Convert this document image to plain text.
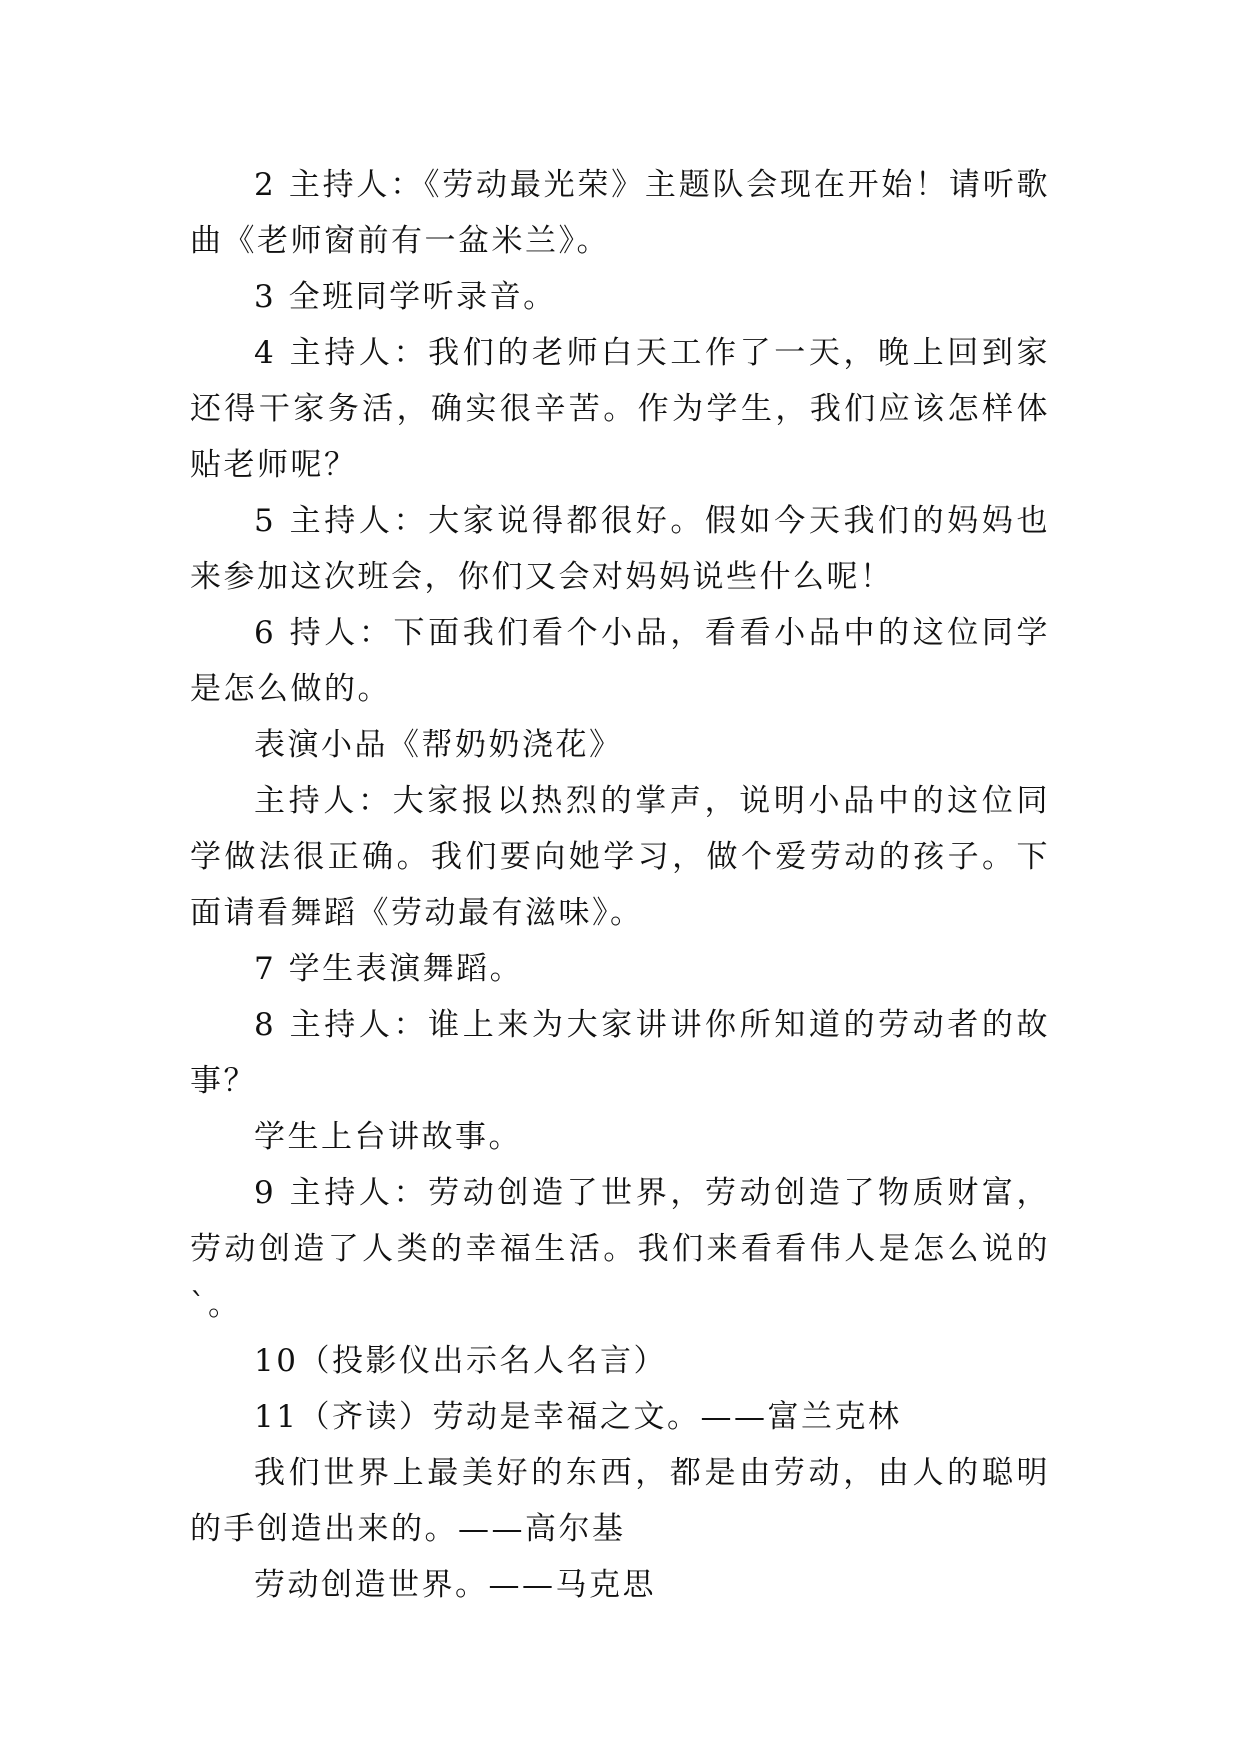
2 主持人：《劳动最光荣》主题队会现在开始！请听歌曲《老师窗前有一盆米兰》。

3 全班同学听录音。

4 主持人：我们的老师白天工作了一天，晚上回到家还得干家务活，确实很辛苦。作为学生，我们应该怎样体贴老师呢？

5 主持人：大家说得都很好。假如今天我们的妈妈也来参加这次班会，你们又会对妈妈说些什么呢！

6 持人：下面我们看个小品，看看小品中的这位同学是怎么做的。

表演小品《帮奶奶浇花》

主持人：大家报以热烈的掌声，说明小品中的这位同学做法很正确。我们要向她学习，做个爱劳动的孩子。下面请看舞蹈《劳动最有滋味》。

7 学生表演舞蹈。

8 主持人：谁上来为大家讲讲你所知道的劳动者的故事？

学生上台讲故事。

9 主持人：劳动创造了世界，劳动创造了物质财富，劳动创造了人类的幸福生活。我们来看看伟人是怎么说的`。

10（投影仪出示名人名言）

11（齐读）劳动是幸福之文。——富兰克林

我们世界上最美好的东西，都是由劳动，由人的聪明的手创造出来的。——高尔基

劳动创造世界。——马克思
